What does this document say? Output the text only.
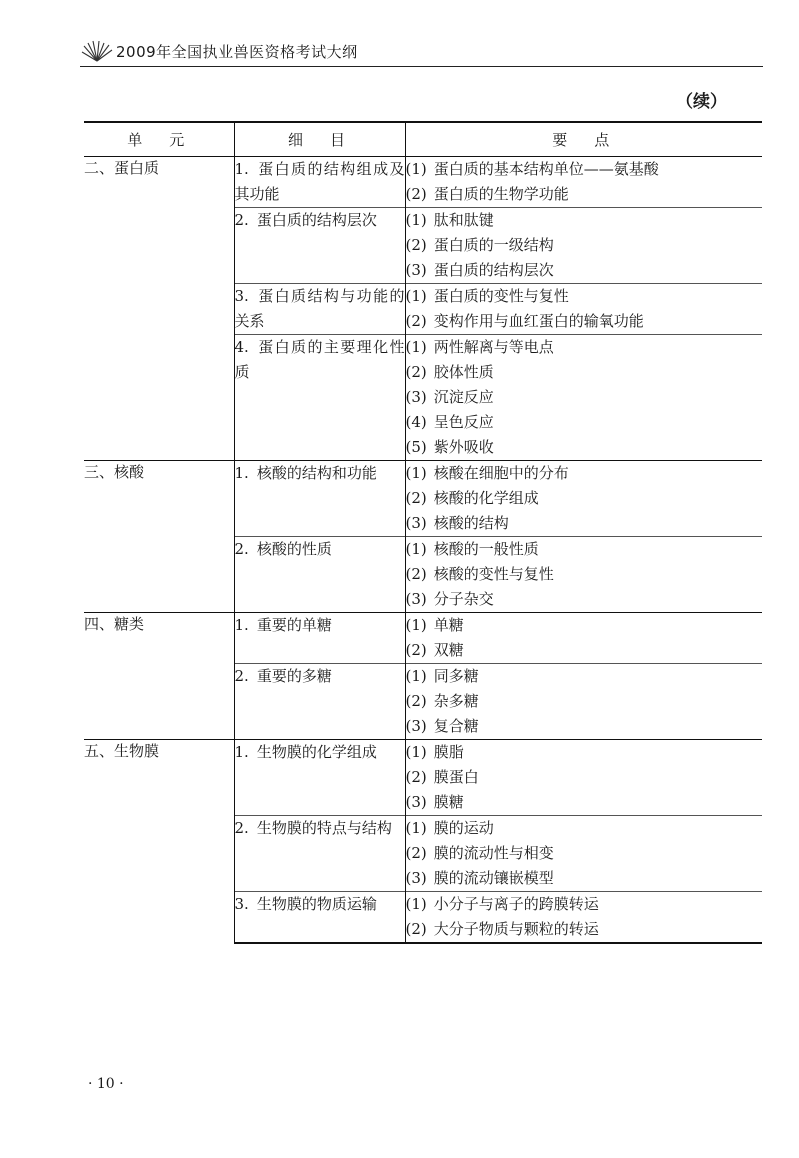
2009年全国执业兽医资格考试大纲
（续）
单　元	细　目	要　点
二、蛋白质	1. 蛋白质的结构组成及其功能	(1) 蛋白质的基本结构单位——氨基酸
(2) 蛋白质的生物学功能

	2. 蛋白质的结构层次	(1) 肽和肽键
(2) 蛋白质的一级结构
(3) 蛋白质的结构层次

	3. 蛋白质结构与功能的关系	(1) 蛋白质的变性与复性
(2) 变构作用与血红蛋白的输氧功能

	4. 蛋白质的主要理化性质	(1) 两性解离与等电点
(2) 胶体性质
(3) 沉淀反应
(4) 呈色反应
(5) 紫外吸收

三、核酸	1. 核酸的结构和功能	(1) 核酸在细胞中的分布
(2) 核酸的化学组成
(3) 核酸的结构

	2. 核酸的性质	(1) 核酸的一般性质
(2) 核酸的变性与复性
(3) 分子杂交

四、糖类	1. 重要的单糖	(1) 单糖
(2) 双糖

	2. 重要的多糖	(1) 同多糖
(2) 杂多糖
(3) 复合糖

五、生物膜	1. 生物膜的化学组成	(1) 膜脂
(2) 膜蛋白
(3) 膜糖

	2. 生物膜的特点与结构	(1) 膜的运动
(2) 膜的流动性与相变
(3) 膜的流动镶嵌模型

	3. 生物膜的物质运输	(1) 小分子与离子的跨膜转运
(2) 大分子物质与颗粒的转运
· 10 ·
